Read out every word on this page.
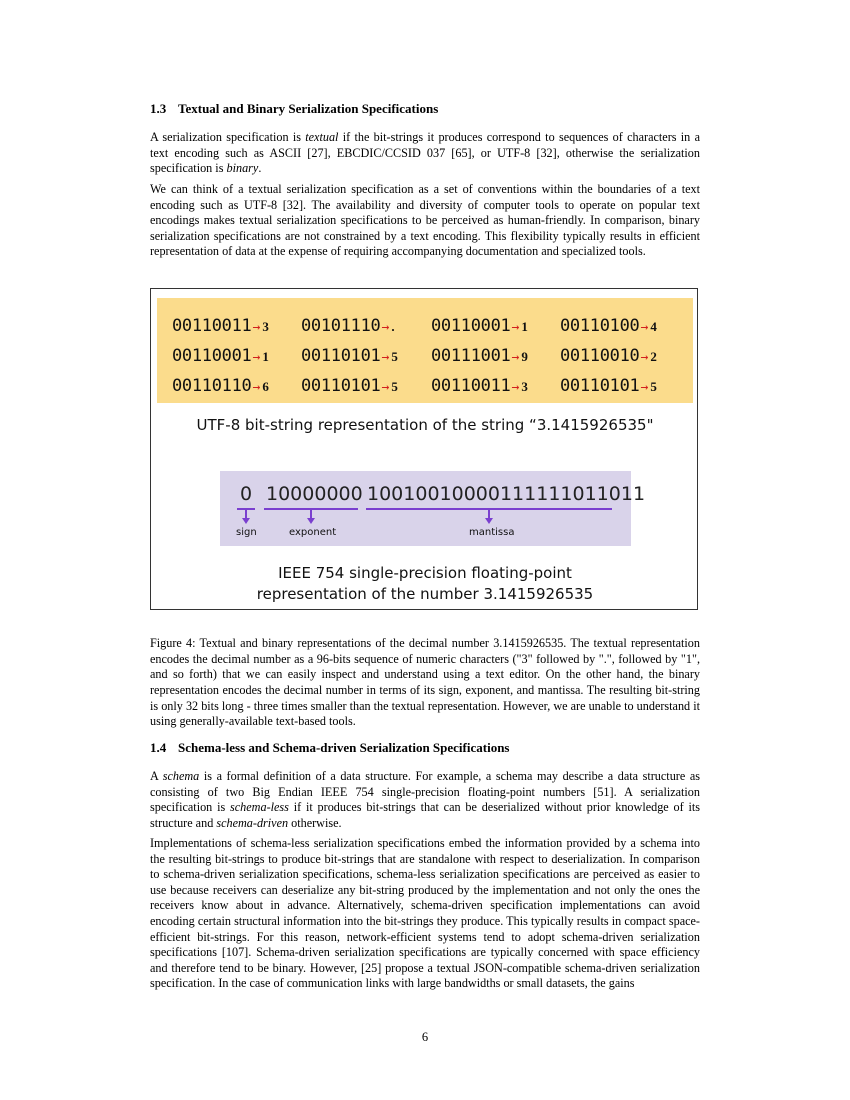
1.3 Textual and Binary Serialization Specifications

A serialization specification is textual if the bit-strings it produces correspond to sequences of characters in a text encoding such as ASCII [27], EBCDIC/CCSID 037 [65], or UTF-8 [32], otherwise the serialization specification is binary.

We can think of a textual serialization specification as a set of conventions within the boundaries of a text encoding such as UTF-8 [32]. The availability and diversity of computer tools to operate on popular text encodings makes textual serialization specifications to be perceived as human-friendly. In comparison, binary serialization specifications are not constrained by a text encoding. This flexibility typically results in efficient representation of data at the expense of requiring accompanying documentation and specialized tools.

00110011→ 3 00101110→ . 00110001→ 1 00110100→ 4
00110001→ 1 00110101→ 5 00111001→ 9 00110010→ 2
00110110→ 6 00110101→ 5 00110011→ 3 00110101→ 5
UTF-8 bit-string representation of the string “3.1415926535"
0 10000000 10010010000111111011011
sign	exponent	mantissa
IEEE 754 single-precision floating-point
representation of the number 3.1415926535

Figure 4: Textual and binary representations of the decimal number 3.1415926535. The textual representation encodes the decimal number as a 96-bits sequence of numeric characters ("3" followed by ".", followed by "1", and so forth) that we can easily inspect and understand using a text editor. On the other hand, the binary representation encodes the decimal number in terms of its sign, exponent, and mantissa. The resulting bit-string is only 32 bits long - three times smaller than the textual representation. However, we are unable to understand it using generally-available text-based tools.

1.4 Schema-less and Schema-driven Serialization Specifications

A schema is a formal definition of a data structure. For example, a schema may describe a data structure as consisting of two Big Endian IEEE 754 single-precision floating-point numbers [51]. A serialization specification is schema-less if it produces bit-strings that can be deserialized without prior knowledge of its structure and schema-driven otherwise.

Implementations of schema-less serialization specifications embed the information provided by a schema into the resulting bit-strings to produce bit-strings that are standalone with respect to deserialization. In comparison to schema-driven serialization specifications, schema-less serialization specifications are perceived as easier to use because receivers can deserialize any bit-string produced by the implementation and not only the ones the receivers know about in advance. Alternatively, schema-driven specification implementations can avoid encoding certain structural information into the bit-strings they produce. This typically results in compact space-efficient bit-strings. For this reason, network-efficient systems tend to adopt schema-driven serialization specifications [107]. Schema-driven serialization specifications are typically concerned with space efficiency and therefore tend to be binary. However, [25] propose a textual JSON-compatible schema-driven serialization specification. In the case of communication links with large bandwidths or small datasets, the gains

6
